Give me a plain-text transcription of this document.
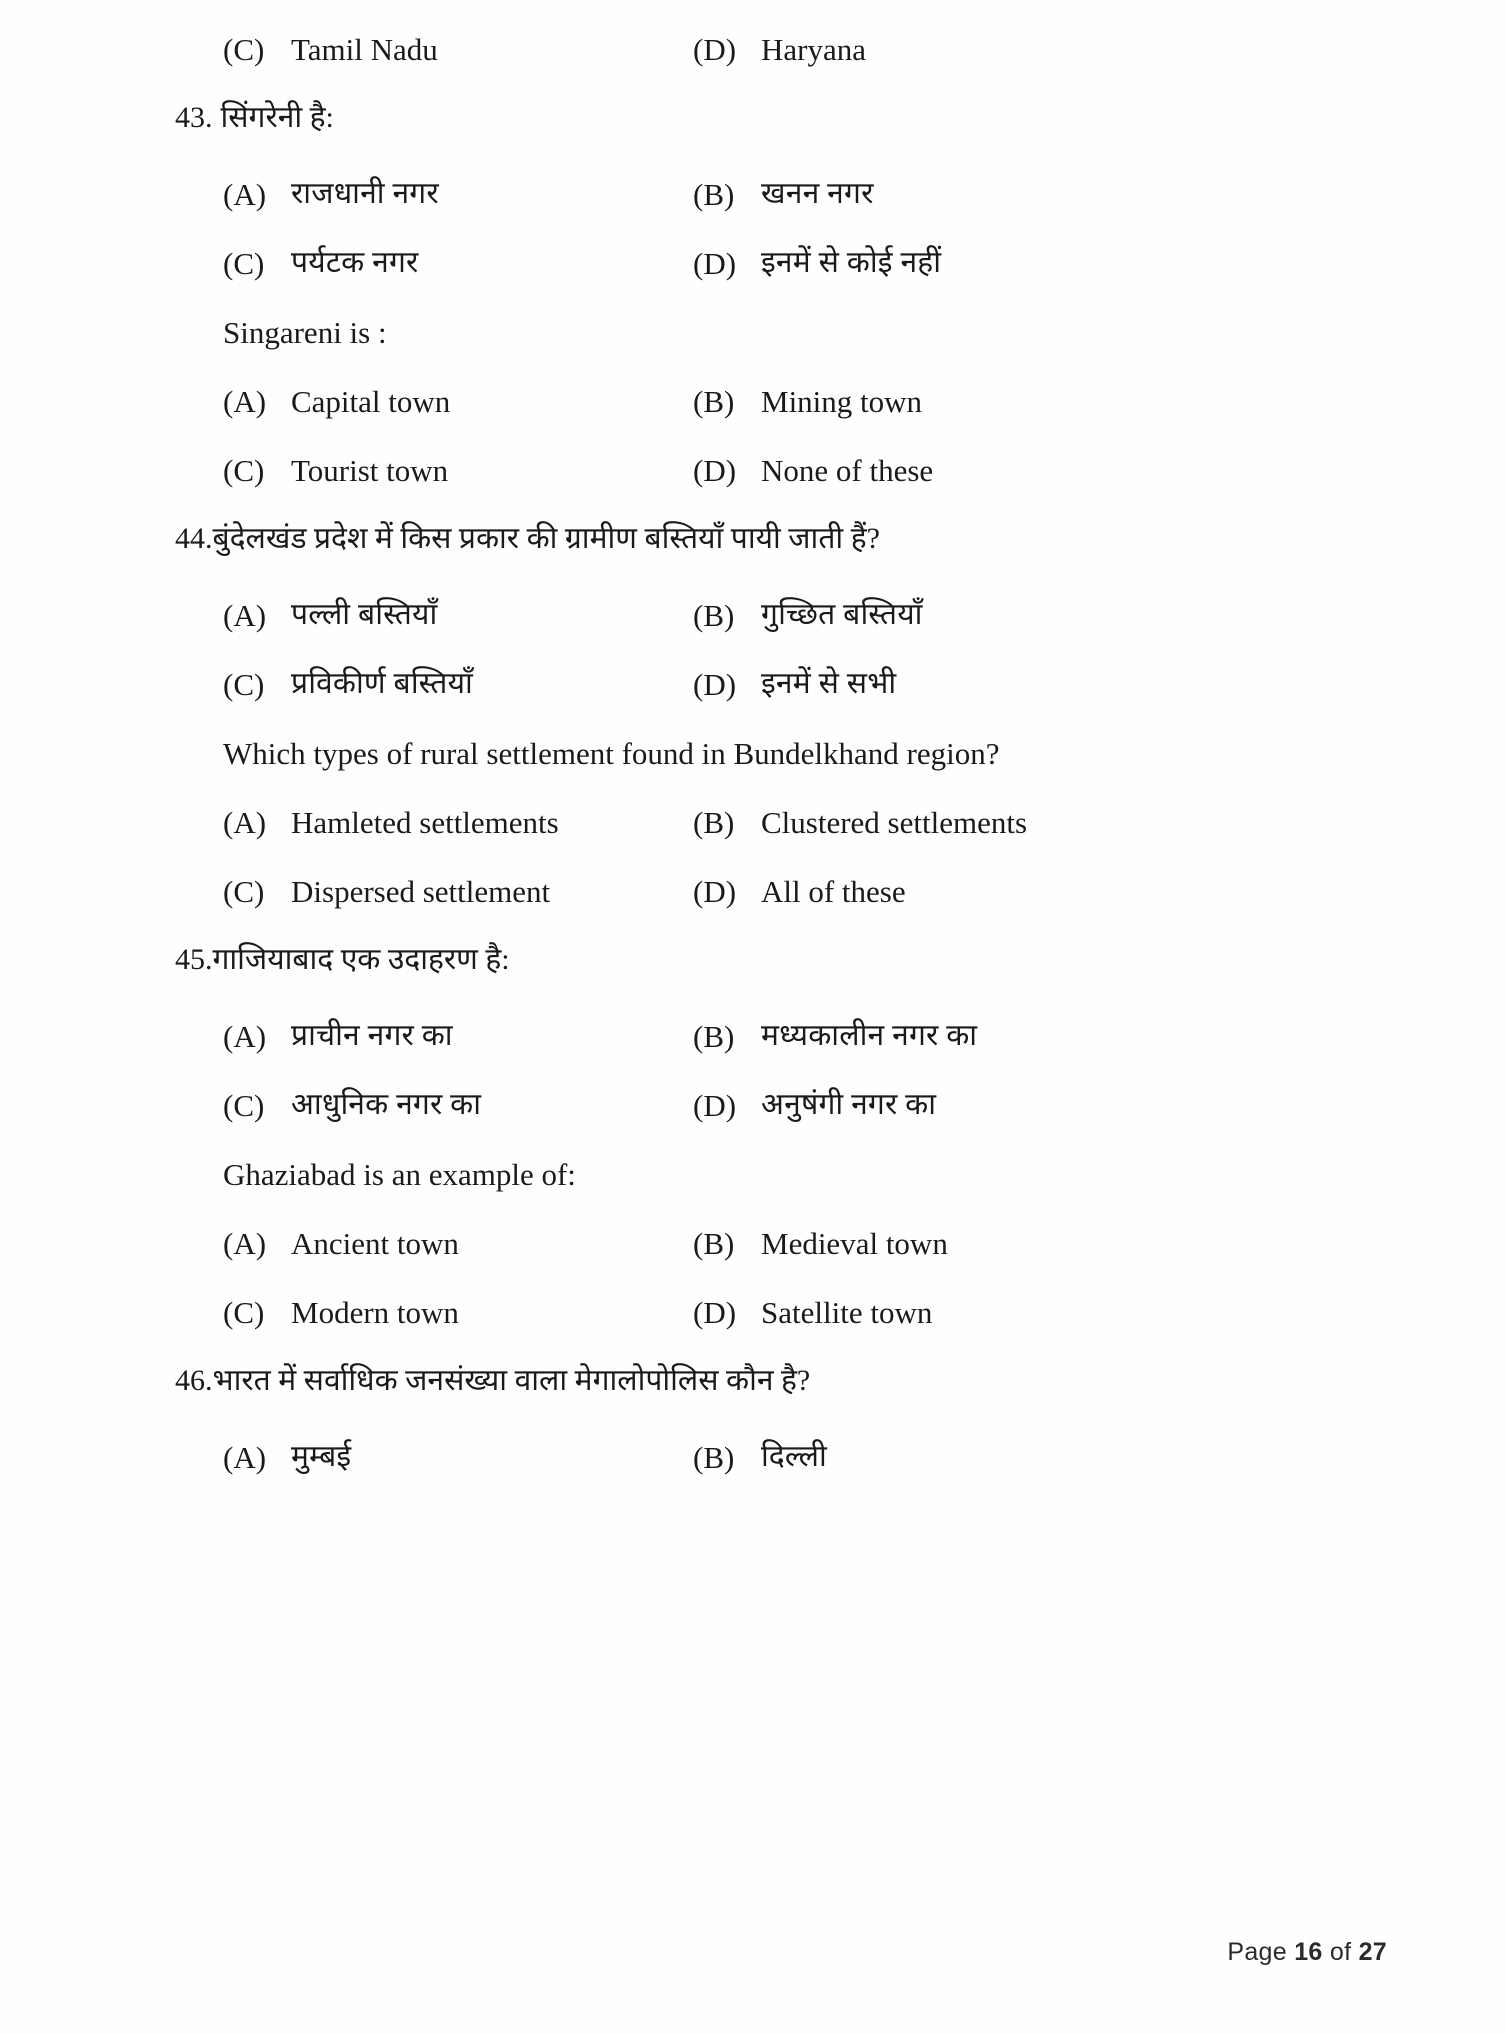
(C) Tamil Nadu	(D) Haryana
43. सिंगरेनी है:
(A) राजधानी नगर	(B) खनन नगर
(C) पर्यटक नगर	(D) इनमें से कोई नहीं
Singareni is :
(A) Capital town	(B) Mining town
(C) Tourist town	(D) None of these
44. बुंदेलखंड प्रदेश में किस प्रकार की ग्रामीण बस्तियाँ पायी जाती हैं?
(A) पल्ली बस्तियाँ	(B) गुच्छित बस्तियाँ
(C) प्रविकीर्ण बस्तियाँ	(D) इनमें से सभी
Which types of rural settlement found in Bundelkhand region?
(A) Hamleted settlements	(B) Clustered settlements
(C) Dispersed settlement	(D) All of these
45. गाजियाबाद एक उदाहरण है:
(A) प्राचीन नगर का	(B) मध्यकालीन नगर का
(C) आधुनिक नगर का	(D) अनुषंगी नगर का
Ghaziabad is an example of:
(A) Ancient town	(B) Medieval town
(C) Modern town	(D) Satellite town
46. भारत में सर्वाधिक जनसंख्या वाला मेगालोपोलिस कौन है?
(A) मुम्बई	(B) दिल्ली

Page 16 of 27
